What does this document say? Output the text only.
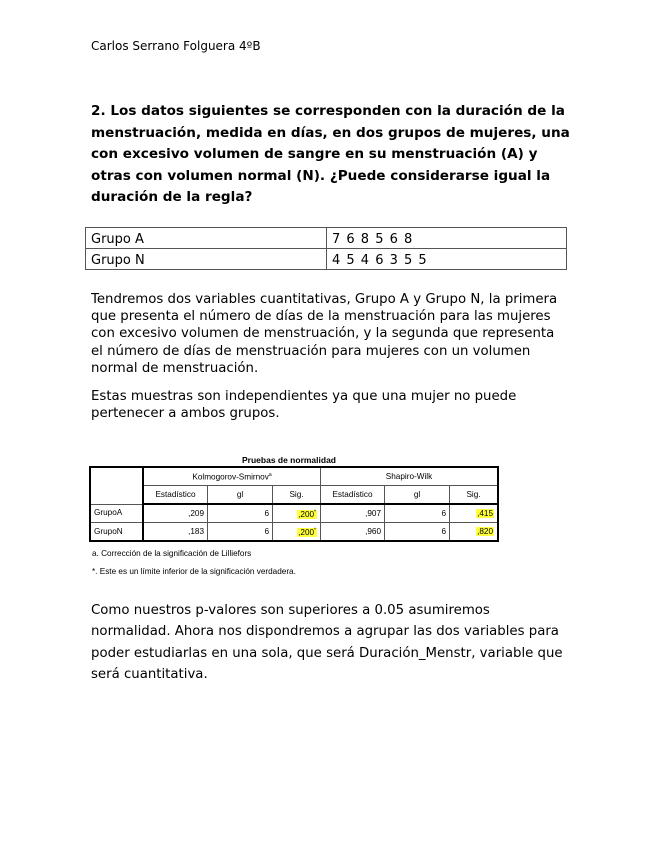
Carlos Serrano Folguera 4ºB

2. Los datos siguientes se corresponden con la duración de la menstruación, medida en días, en dos grupos de mujeres, una con excesivo volumen de sangre en su menstruación (A) y otras con volumen normal (N). ¿Puede considerarse igual la duración de la regla?

Grupo A	7 6 8 5 6 8
Grupo N	4 5 4 6 3 5 5

Tendremos dos variables cuantitativas, Grupo A y Grupo N, la primera que presenta el número de días de la menstruación para las mujeres con excesivo volumen de menstruación, y la segunda que representa el número de días de menstruación para mujeres con un volumen normal de menstruación.

Estas muestras son independientes ya que una mujer no puede pertenecer a ambos grupos.

Pruebas de normalidad
	Kolmogorov-Smirnov$^a$			Shapiro-Wilk		
	Estadístico	gl	Sig.	Estadístico	gl	Sig.
GrupoA	,209	6	,200*	,907	6	,415
GrupoN	,183	6	,200*	,960	6	,820
a. Corrección de la significación de Lilliefors
*. Este es un límite inferior de la significación verdadera.

Como nuestros p-valores son superiores a 0.05 asumiremos normalidad. Ahora nos dispondremos a agrupar las dos variables para poder estudiarlas en una sola, que será Duración_Menstr, variable que será cuantitativa.
